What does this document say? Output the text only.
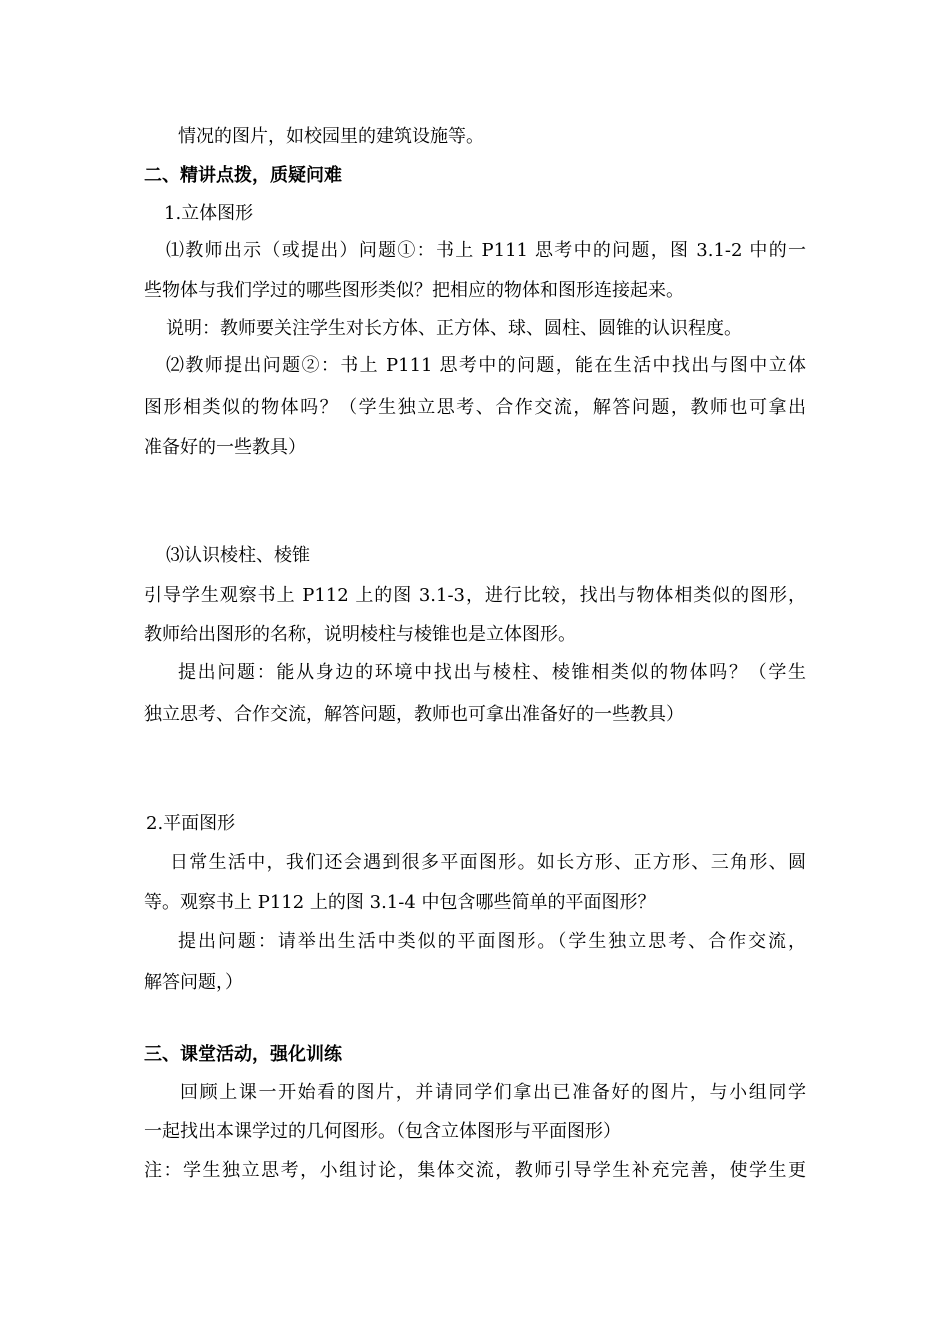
情况的图片，如校园里的建筑设施等。
二、精讲点拨，质疑问难
1.立体图形
⑴教师出示（或提出）问题①：书上 P111 思考中的问题，图 3.1-2 中的一
些物体与我们学过的哪些图形类似？把相应的物体和图形连接起来。
说明：教师要关注学生对长方体、正方体、球、圆柱、圆锥的认识程度。
⑵教师提出问题②：书上 P111 思考中的问题，能在生活中找出与图中立体
图形相类似的物体吗？（学生独立思考、合作交流，解答问题，教师也可拿出
准备好的一些教具）
⑶认识棱柱、棱锥
引导学生观察书上 P112 上的图 3.1-3，进行比较，找出与物体相类似的图形，
教师给出图形的名称，说明棱柱与棱锥也是立体图形。
提出问题：能从身边的环境中找出与棱柱、棱锥相类似的物体吗？（学生
独立思考、合作交流，解答问题，教师也可拿出准备好的一些教具）
2.平面图形
日常生活中，我们还会遇到很多平面图形。如长方形、正方形、三角形、圆
等。观察书上 P112 上的图 3.1-4 中包含哪些简单的平面图形？
提出问题：请举出生活中类似的平面图形。（学生独立思考、合作交流，
解答问题，）
三、课堂活动，强化训练
回顾上课一开始看的图片，并请同学们拿出已准备好的图片，与小组同学
一起找出本课学过的几何图形。（包含立体图形与平面图形）
注：学生独立思考，小组讨论，集体交流，教师引导学生补充完善，使学生更
